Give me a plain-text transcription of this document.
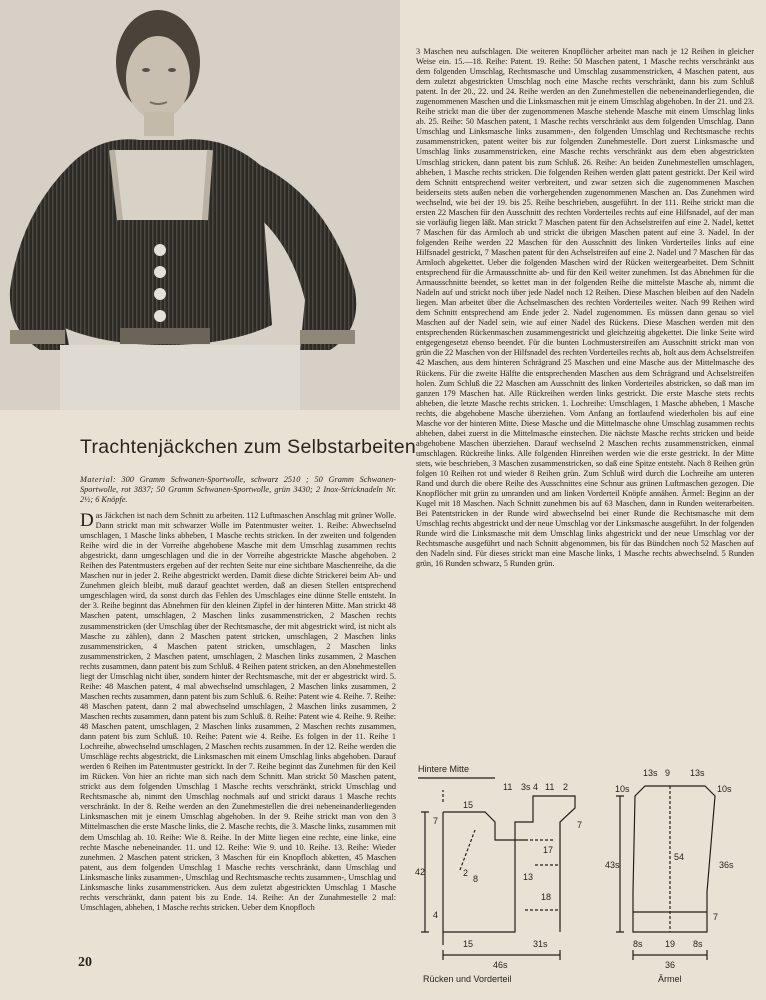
3 Maschen neu aufschlagen. Die weiteren Knopflöcher arbeitet man nach je 12 Reihen in gleicher Weise ein. 15.—18. Reihe: Patent. 19. Reihe: 50 Maschen patent, 1 Masche rechts verschränkt aus dem folgenden Umschlag, Rechtsmasche und Umschlag zusammenstricken, 4 Maschen patent, aus dem zuletzt abgestrickten Umschlag noch eine Masche rechts verschränkt, dann bis zum Schluß patent. In der 20., 22. und 24. Reihe werden an den Zunehmestellen die nebeneinanderliegenden, die zugenommenen Maschen und die Linksmaschen mit je einem Umschlag abgehoben. In der 21. und 23. Reihe strickt man die über der zugenommenen Masche stehende Masche mit einem Umschlag links ab. 25. Reihe: 50 Maschen patent, 1 Masche rechts verschränkt aus dem folgenden Umschlag. Dann Umschlag und Linksmasche links zusammen-, den folgenden Umschlag und Rechtsmasche rechts zusammenstricken, patent weiter bis zur folgenden Zunehmestelle. Dort zuerst Linksmasche und Umschlag links zusammenstricken, eine Masche rechts verschränkt aus dem eben abgestrickten Umschlag stricken, dann patent bis zum Schluß. 26. Reihe: An beiden Zunehmestellen umschlagen, abheben, 1 Masche rechts stricken. Die folgenden Reihen werden glatt patent gestrickt. Der Keil wird dem Schnitt entsprechend weiter verbreitert, und zwar setzen sich die zugenommenen Maschen beiderseits stets außen neben die vorhergehenden zugenommenen Maschen an. Das Zunehmen wird wechselnd, wie bei der 19. bis 25. Reihe beschrieben, ausgeführt. In der 111. Reihe strickt man die ersten 22 Maschen für den Ausschnitt des rechten Vorderteiles rechts auf eine Hilfsnadel, auf der man sie vorläufig liegen läßt. Man strickt 7 Maschen patent für den Achselstreifen auf eine 2. Nadel, kettet 7 Maschen für das Armloch ab und strickt die übrigen Maschen patent auf eine 3. Nadel. In der folgenden Reihe werden 22 Maschen für den Ausschnitt des linken Vorderteiles links auf eine Hilfsnadel gestrickt, 7 Maschen patent für den Achselstreifen auf eine 2. Nadel und 7 Maschen für das Armloch abgekettet. Ueber die folgenden Maschen wird der Rücken weitergearbeitet. Dem Schnitt entsprechend für die Armausschnitte ab- und für den Keil weiter zunehmen. Ist das Abnehmen für die Armausschnitte beendet, so kettet man in der folgenden Reihe die mittelste Masche ab, nimmt die Nadeln auf und strickt noch über jede Nadel noch 12 Reihen. Diese Maschen bleiben auf den Nadeln liegen. Man arbeitet über die Achselmaschen des rechten Vorderteiles weiter. Nach 99 Reihen wird dem Schnitt entsprechend am Ende jeder 2. Nadel zugenommen. Es müssen dann genau so viel Maschen auf der Nadel sein, wie auf einer Nadel des Rückens. Diese Maschen werden mit den entsprechenden Rückenmaschen zusammengestrickt und gleichzeitig abgekettet. Die linke Seite wird entgegengesetzt ebenso beendet. Für die bunten Lochmusterstreifen am Ausschnitt strickt man von grün die 22 Maschen von der Hilfsnadel des rechten Vorderteiles rechts ab, holt aus dem Achselstreifen 42 Maschen, aus dem hinteren Schrägrand 25 Maschen und eine Masche aus der Mittelmasche des Rückens. Für die zweite Hälfte die entsprechenden Maschen aus dem Schrägrand und Achselstreifen holen. Zum Schluß die 22 Maschen am Ausschnitt des linken Vorderteiles abstricken, so daß man im ganzen 179 Maschen hat. Alle Rückreihen werden links gestrickt. Die erste Masche stets rechts abheben, die letzte Masche rechts stricken. 1. Lochreihe: Umschlagen, 1 Masche abheben, 1 Masche rechts, die abgehobene Masche überziehen. Vom Anfang an fortlaufend wiederholen bis auf eine Masche vor der hinteren Mitte. Diese Masche und die Mittelmasche ohne Umschlag zusammen rechts abheben, dabei zuerst in die Mittelmasche einstechen. Die nächste Masche rechts stricken und beide abgehobene Maschen überziehen. Darauf wechselnd 2 Maschen rechts zusammenstricken, einmal umschlagen. Rückreihe links. Alle folgenden Hinreihen werden wie die erste gestrickt. In der Mitte stets, wie beschrieben, 3 Maschen zusammenstricken, so daß eine Spitze entsteht. Nach 8 Reihen grün folgen 10 Reihen rot und wieder 8 Reihen grün. Zum Schluß wird durch die Lochreihe am unteren Rand und durch die obere Reihe des Ausschnittes eine Schnur aus grünen Luftmaschen gezogen. Die Knopflöcher mit grün zu umranden und am linken Vorderteil Knöpfe annähen. Ärmel: Beginn an der Kugel mit 18 Maschen. Nach Schnitt zunehmen bis auf 63 Maschen, dann in Runden weiterarbeiten. Bei Patentstricken in der Runde wird abwechselnd bei einer Runde die Rechtsmasche mit dem Umschlag rechts abgestrickt und der neue Umschlag vor der Linksmasche ausgeführt. In der folgenden Runde wird die Linksmasche mit dem Umschlag links abgestrickt und der neue Umschlag vor der Rechtsmasche ausgeführt und nach Schnitt abgenommen, bis für das Bündchen noch 52 Maschen auf den Nadeln sind. Für dieses strickt man eine Masche links, 1 Masche rechts abwechselnd. 5 Runden grün, 16 Runden schwarz, 5 Runden grün.

Trachtenjäckchen zum Selbstarbeiten
Material: 300 Gramm Schwanen-Sportwolle, schwarz 2510 ; 50 Gramm Schwanen-Sportwolle, rot 3837; 50 Gramm Schwanen-Sportwolle, grün 3430; 2 Inox-Stricknadeln Nr. 2½; 6 Knöpfe.
Das Jäckchen ist nach dem Schnitt zu arbeiten. 112 Luftmaschen Anschlag mit grüner Wolle. Dann strickt man mit schwarzer Wolle im Patentmuster weiter. 1. Reihe: Abwechselnd umschlagen, 1 Masche links abheben, 1 Masche rechts stricken. In der zweiten und folgenden Reihe wird die in der Vorreihe abgehobene Masche mit dem Umschlag zusammen rechts abgestrickt, dann umgeschlagen und die in der Vorreihe abgestrickte Masche abgehoben. 2 Reihen des Patentmusters ergeben auf der rechten Seite nur eine sichtbare Maschenreihe, da die Maschen nur in jeder 2. Reihe abgestrickt werden. Damit diese dichte Strickerei beim Ab- und Zunehmen gleich bleibt, muß darauf geachtet werden, daß an diesen Stellen entsprechend umgeschlagen wird, da sonst durch das Fehlen des Umschlages eine dünne Stelle entsteht. In der 3. Reihe beginnt das Abnehmen für den kleinen Zipfel in der hinteren Mitte. Man strickt 48 Maschen patent, umschlagen, 2 Maschen links zusammenstricken, 2 Maschen rechts zusammenstricken (der Umschlag über der Rechtsmasche, der mit abgestrickt wird, ist nicht als Masche zu zählen), dann 2 Maschen patent stricken, umschlagen, 2 Maschen links zusammenstricken, 4 Maschen patent stricken, umschlagen, 2 Maschen links zusammenstricken, 2 Maschen patent, umschlagen, 2 Maschen links zusammen, 2 Maschen rechts zusammen, dann patent bis zum Schluß. 4 Reihen patent stricken, an den Abnehmestellen liegt der Umschlag nicht über, sondern hinter der Rechtsmasche, mit der er abgestrickt wird. 5. Reihe: 48 Maschen patent, 4 mal abwechselnd umschlagen, 2 Maschen links zusammen, 2 Maschen rechts zusammen, dann patent bis zum Schluß. 6. Reihe: Patent wie 4. Reihe. 7. Reihe: 48 Maschen patent, dann 2 mal abwechselnd umschlagen, 2 Maschen links zusammen, 2 Maschen rechts zusammen, dann patent bis zum Schluß. 8. Reihe: Patent wie 4. Reihe. 9. Reihe: 48 Maschen patent, umschlagen, 2 Maschen links zusammen, 2 Maschen rechts zusammen, dann patent bis zum Schluß. 10. Reihe: Patent wie 4. Reihe. Es folgen in der 11. Reihe 1 Lochreihe, abwechselnd umschlagen, 2 Maschen rechts zusammen. In der 12. Reihe werden die Umschläge rechts abgestrickt, die Linksmaschen mit einem Umschlag links abgehoben. Darauf werden 6 Reihen im Patentmuster gestrickt. In der 7. Reihe beginnt das Zunehmen für den Keil im Rücken. Von hier an richte man sich nach dem Schnitt. Man strickt 50 Maschen patent, strickt aus dem folgenden Umschlag 1 Masche rechts verschränkt, strickt Umschlag und Rechtsmasche ab, nimmt den Umschlag nochmals auf und strickt daraus 1 Masche rechts verschränkt. In der 8. Reihe werden an den Zunehmestellen die drei nebeneinanderliegenden Linksmaschen mit je einem Umschlag abgehoben. In der 9. Reihe strickt man von den 3 Mittelmaschen die erste Masche links, die 2. Masche rechts, die 3. Masche links, zusammen mit dem Umschlag ab. 10. Reihe: Wie 8. Reihe. In der Mitte liegen eine rechte, eine linke, eine rechte Masche nebeneinander. 11. und 12. Reihe: Wie 9. und 10. Reihe. 13. Reihe: Wieder zunehmen. 2 Maschen patent stricken, 3 Maschen für ein Knopfloch abketten, 45 Maschen patent, aus dem folgenden Umschlag 1 Masche rechts verschränkt, dann Umschlag und Linksmasche links zusammen-, Umschlag und Rechtsmasche rechts zusammen-, Umschlag und Linksmasche links zusammenstricken. Aus dem zuletzt abgestrickten Umschlag 1 Masche rechts verschränkt, dann patent bis zu Ende. 14. Reihe: An der Zunahmestelle 2 mal: Umschlagen, abheben, 1 Masche rechts stricken. Ueber dem Knopfloch
Hintere Mitte
15
11 3s 4 11 2
7
17
13
18
2
8
42
4
7
15	31s
46s
13s 9 13s
10s	10s
54
43s	36s
7
8s 19 8s
36
Rücken und Vorderteil	Ärmel
20
